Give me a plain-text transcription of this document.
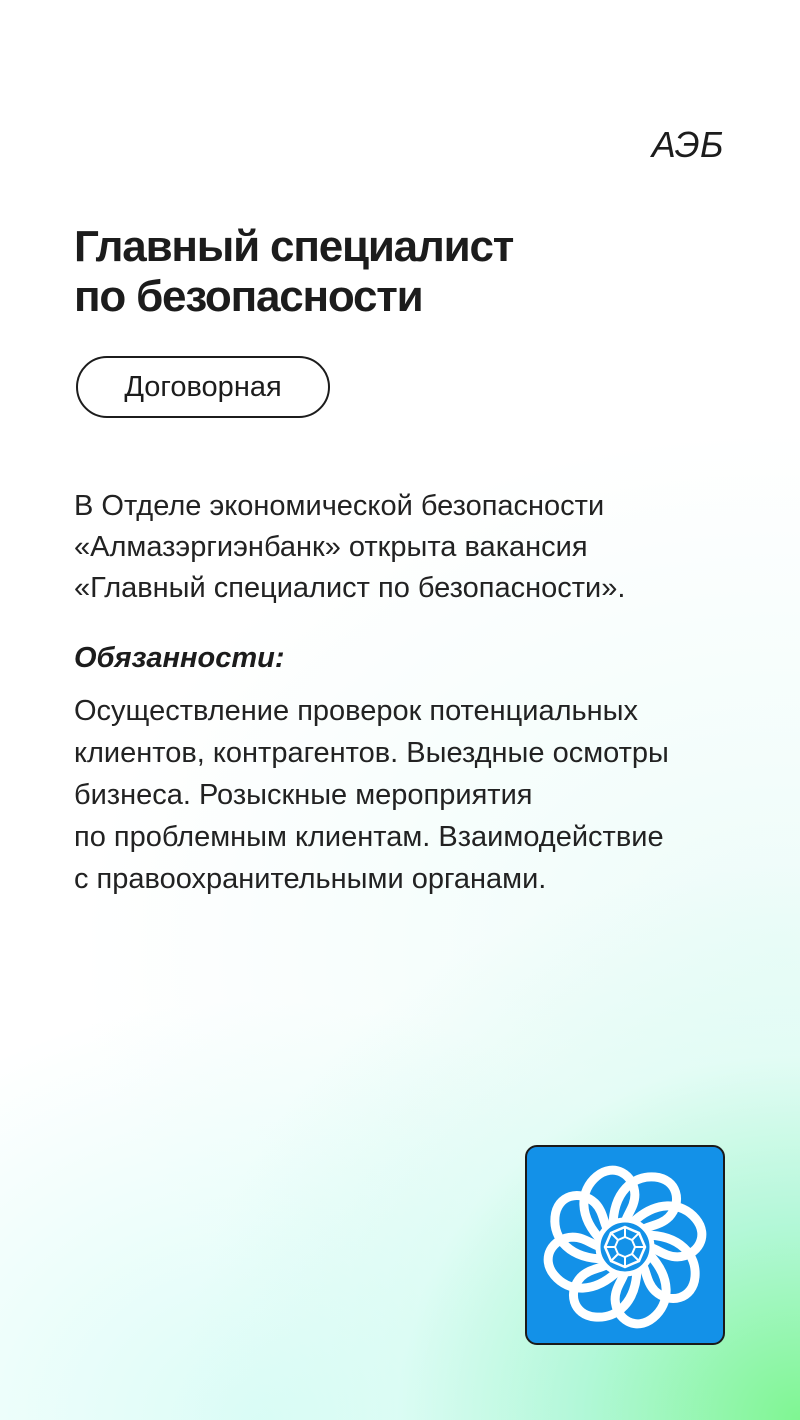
АЭБ
Главный специалист
по безопасности
Договорная
В Отделе экономической безопасности
«Алмазэргиэнбанк» открыта вакансия
«Главный специалист по безопасности».
Обязанности:
Осуществление проверок потенциальных
клиентов, контрагентов. Выездные осмотры
бизнеса. Розыскные мероприятия
по проблемным клиентам. Взаимодействие
с правоохранительными органами.
